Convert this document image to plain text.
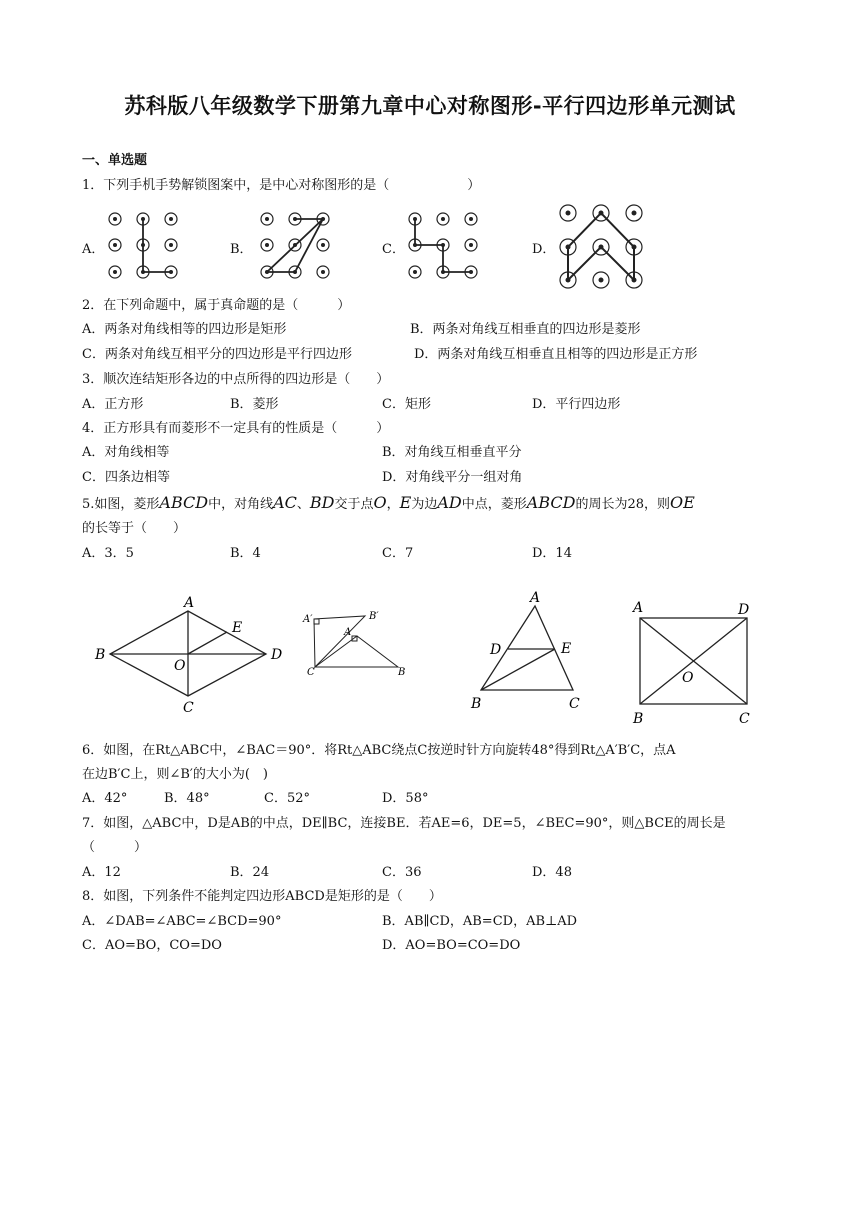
苏科版八年级数学下册第九章中心对称图形-平行四边形单元测试
一、单选题
1．下列手机手势解锁图案中，是中心对称图形的是（　　　　　　）
A．	B．	C．	D．
2．在下列命题中，属于真命题的是（　　　）
A．两条对角线相等的四边形是矩形	B．两条对角线互相垂直的四边形是菱形
C．两条对角线互相平分的四边形是平行四边形	D．两条对角线互相垂直且相等的四边形是正方形
3．顺次连结矩形各边的中点所得的四边形是（　　）
A．正方形	B．菱形	C．矩形	D．平行四边形
4．正方形具有而菱形不一定具有的性质是（　　　）
A．对角线相等	B．对角线互相垂直平分
C．四条边相等	D．对角线平分一组对角
5.如图，菱形ABCD中，对角线AC、BD交于点O，E为边AD中点，菱形ABCD的周长为28，则OE
的长等于（　　）
A．3．5	B．4	C．7	D．14
A
B
C
D
E
O
A′	B′
A
C	B
A
D	E
B	C
A	D
O
B	C
6．如图，在Rt△ABC中，∠BAC＝90°．将Rt△ABC绕点C按逆时针方向旋转48°得到Rt△A′B′C，点A
在边B′C上，则∠B′的大小为(　)
A．42°	B．48°	C．52°	D．58°
7．如图，△ABC中，D是AB的中点，DE∥BC，连接BE．若AE=6，DE=5，∠BEC=90°，则△BCE的周长是
（　　　）
A．12	B．24	C．36	D．48
8．如图，下列条件不能判定四边形ABCD是矩形的是（　　）
A．∠DAB=∠ABC=∠BCD=90°	B．AB∥CD，AB=CD，AB⊥AD
C．AO=BO，CO=DO	D．AO=BO=CO=DO
